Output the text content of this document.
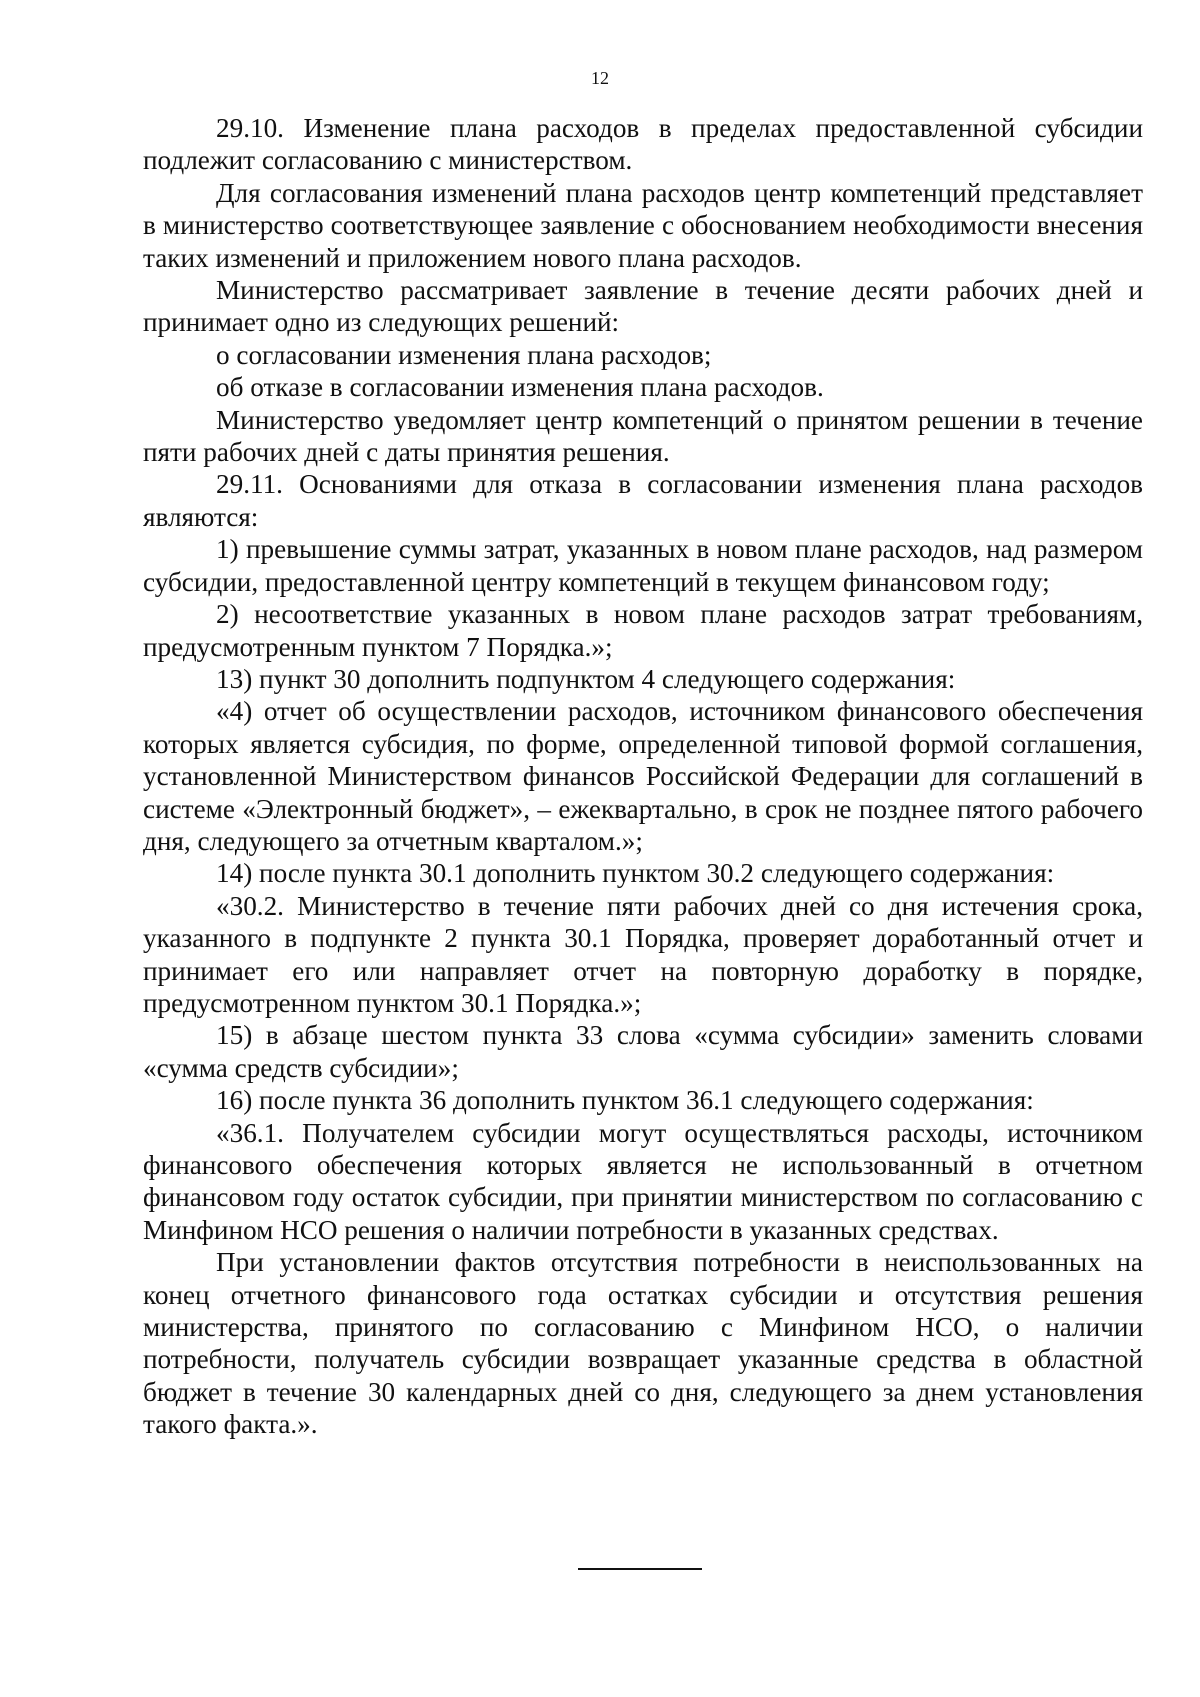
12

29.10. Изменение плана расходов в пределах предоставленной субсидии подлежит согласованию с министерством.

Для согласования изменений плана расходов центр компетенций представляет в министерство соответствующее заявление с обоснованием необходимости внесения таких изменений и приложением нового плана расходов.

Министерство рассматривает заявление в течение десяти рабочих дней и принимает одно из следующих решений:

о согласовании изменения плана расходов;

об отказе в согласовании изменения плана расходов.

Министерство уведомляет центр компетенций о принятом решении в течение пяти рабочих дней с даты принятия решения.

29.11. Основаниями для отказа в согласовании изменения плана расходов являются:

1) превышение суммы затрат, указанных в новом плане расходов, над размером субсидии, предоставленной центру компетенций в текущем финансовом году;

2) несоответствие указанных в новом плане расходов затрат требованиям, предусмотренным пунктом 7 Порядка.»;

13) пункт 30 дополнить подпунктом 4 следующего содержания:

«4) отчет об осуществлении расходов, источником финансового обеспечения которых является субсидия, по форме, определенной типовой формой соглашения, установленной Министерством финансов Российской Федерации для соглашений в системе «Электронный бюджет», – ежеквартально, в срок не позднее пятого рабочего дня, следующего за отчетным кварталом.»;

14) после пункта 30.1 дополнить пунктом 30.2 следующего содержания:

«30.2. Министерство в течение пяти рабочих дней со дня истечения срока, указанного в подпункте 2 пункта 30.1 Порядка, проверяет доработанный отчет и принимает его или направляет отчет на повторную доработку в порядке, предусмотренном пунктом 30.1 Порядка.»;

15) в абзаце шестом пункта 33 слова «сумма субсидии» заменить словами «сумма средств субсидии»;

16) после пункта 36 дополнить пунктом 36.1 следующего содержания:

«36.1. Получателем субсидии могут осуществляться расходы, источником финансового обеспечения которых является не использованный в отчетном финансовом году остаток субсидии, при принятии министерством по согласованию с Минфином НСО решения о наличии потребности в указанных средствах.

При установлении фактов отсутствия потребности в неиспользованных на конец отчетного финансового года остатках субсидии и отсутствия решения министерства, принятого по согласованию с Минфином НСО, о наличии потребности, получатель субсидии возвращает указанные средства в областной бюджет в течение 30 календарных дней со дня, следующего за днем установления такого факта.».
